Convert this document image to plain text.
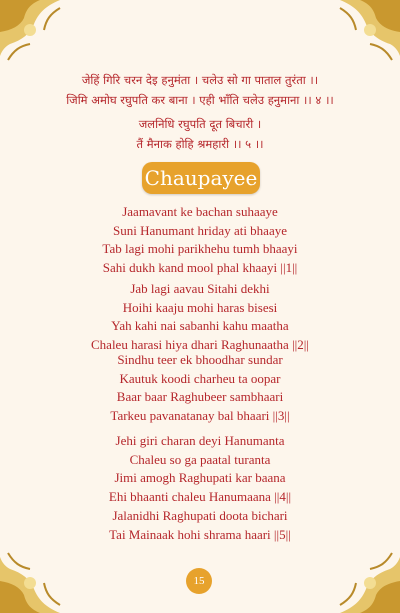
जेहिं गिरि चरन देइ हनुमंता । चलेउ सो गा पाताल तुरंता ।।
जिमि अमोघ रघुपति कर बाना । एही भाँति चलेउ हनुमाना ।। ४ ।।
जलनिधि रघुपति दूत बिचारी ।
तैं मैनाक होहि श्रमहारी ।। ५ ।।
Chaupayee
Jaamavant ke bachan suhaaye
Suni Hanumant hriday ati bhaaye
Tab lagi mohi parikhehu tumh bhaayi
Sahi dukh kand mool phal khaayi ||1||
Jab lagi aavau Sitahi dekhi
Hoihi kaaju mohi haras bisesi
Yah kahi nai sabanhi kahu maatha
Chaleu harasi hiya dhari Raghunaatha ||2||
Sindhu teer ek bhoodhar sundar
Kautuk koodi charheu ta oopar
Baar baar Raghubeer sambhaari
Tarkeu pavanatanay bal bhaari ||3||
Jehi giri charan deyi Hanumanta
Chaleu so ga paatal turanta
Jimi amogh Raghupati kar baana
Ehi bhaanti chaleu Hanumaana ||4||
Jalanidhi Raghupati doota bichari
Tai Mainaak hohi shrama haari ||5||
15
